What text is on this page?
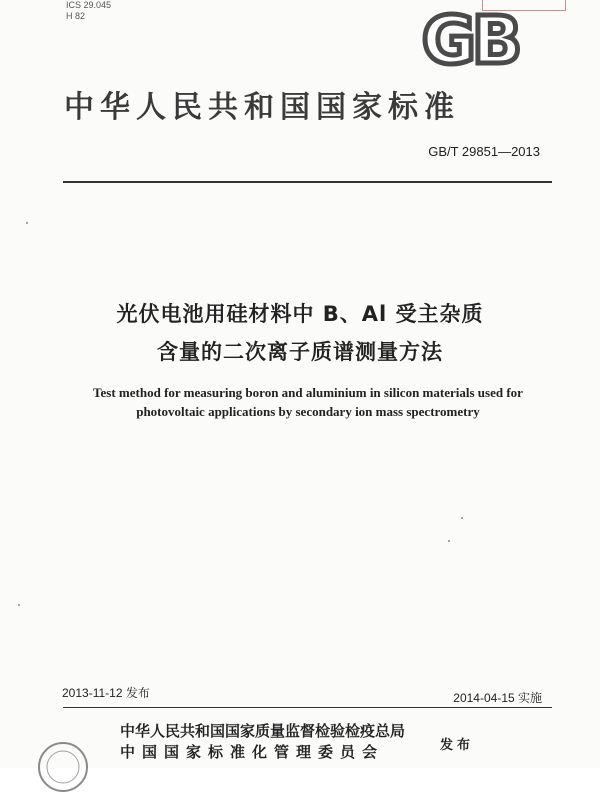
ICS 29.045
H 82	GB
中华人民共和国国家标准
GB/T 29851—2013
光伏电池用硅材料中 B、Al 受主杂质
含量的二次离子质谱测量方法
Test method for measuring boron and aluminium in silicon materials used for
photovoltaic applications by secondary ion mass spectrometry
2013-11-12 发布	2014-04-15 实施
中华人民共和国国家质量监督检验检疫总局
中国国家标准化管理委员会	发布
